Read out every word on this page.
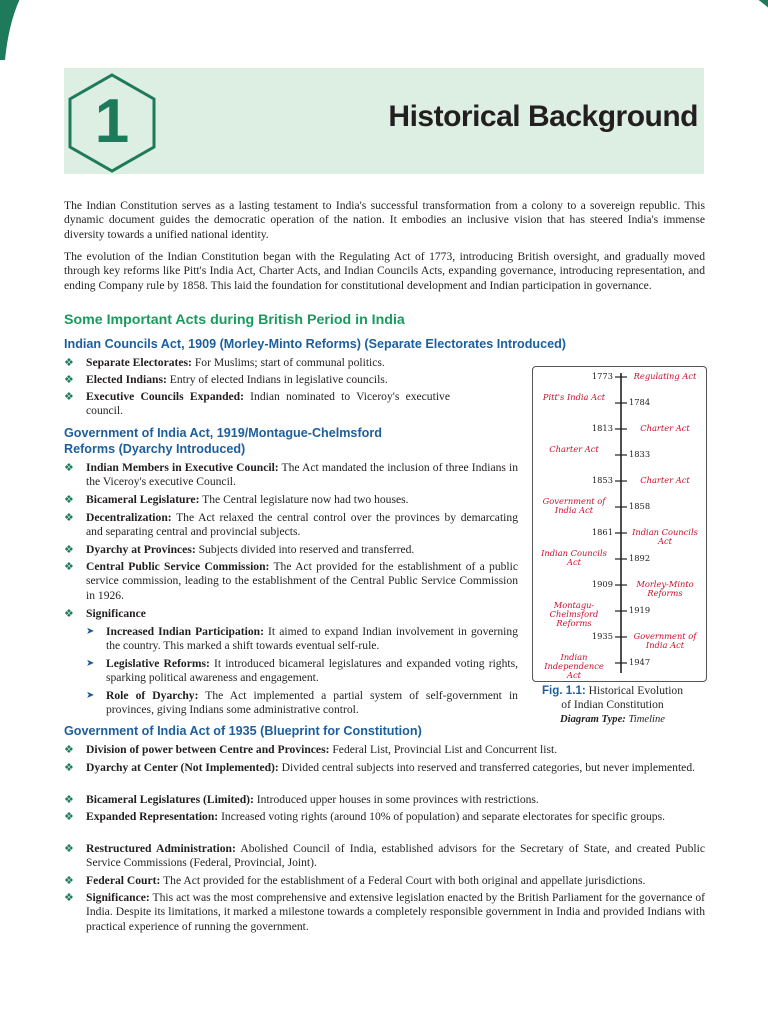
1	Historical Background

The Indian Constitution serves as a lasting testament to India's successful transformation from a colony to a sovereign republic. This dynamic document guides the democratic operation of the nation. It embodies an inclusive vision that has steered India's immense diversity towards a unified national identity.

The evolution of the Indian Constitution began with the Regulating Act of 1773, introducing British oversight, and gradually moved through key reforms like Pitt's India Act, Charter Acts, and Indian Councils Acts, expanding governance, introducing representation, and ending Company rule by 1858. This laid the foundation for constitutional development and Indian participation in governance.

Some Important Acts during British Period in India
Indian Councils Act, 1909 (Morley-Minto Reforms) (Separate Electorates Introduced)
❖ Separate Electorates: For Muslims; start of communal politics.
❖ Elected Indians: Entry of elected Indians in legislative councils.
❖ Executive Councils Expanded: Indian nominated to Viceroy's executive council.
Government of India Act, 1919/Montague-Chelmsford
Reforms (Dyarchy Introduced)
❖ Indian Members in Executive Council: The Act mandated the inclusion of three Indians in the Viceroy's executive Council.
❖ Bicameral Legislature: The Central legislature now had two houses.
❖ Decentralization: The Act relaxed the central control over the provinces by demarcating and separating central and provincial subjects.
❖ Dyarchy at Provinces: Subjects divided into reserved and transferred.
❖ Central Public Service Commission: The Act provided for the establishment of a public service commission, leading to the establishment of the Central Public Service Commission in 1926.
❖ Significance
➤ Increased Indian Participation: It aimed to expand Indian involvement in governing the country. This marked a shift towards eventual self-rule.
➤ Legislative Reforms: It introduced bicameral legislatures and expanded voting rights, sparking political awareness and engagement.
➤ Role of Dyarchy: The Act implemented a partial system of self-government in provinces, giving Indians some administrative control.
Government of India Act of 1935 (Blueprint for Constitution)
❖ Division of power between Centre and Provinces: Federal List, Provincial List and Concurrent list.
❖ Dyarchy at Center (Not Implemented): Divided central subjects into reserved and transferred categories, but never implemented.
❖ Bicameral Legislatures (Limited): Introduced upper houses in some provinces with restrictions.
❖ Expanded Representation: Increased voting rights (around 10% of population) and separate electorates for specific groups.
❖ Restructured Administration: Abolished Council of India, established advisors for the Secretary of State, and created Public Service Commissions (Federal, Provincial, Joint).
❖ Federal Court: The Act provided for the establishment of a Federal Court with both original and appellate jurisdictions.
❖ Significance: This act was the most comprehensive and extensive legislation enacted by the British Parliament for the governance of India. Despite its limitations, it marked a milestone towards a completely responsible government in India and provided Indians with practical experience of running the government.
1773	Regulating Act
1784
Pitt's India Act
1813	Charter Act
1833
Charter Act
1853	Charter Act
1858
Government of India Act
1861	Indian Councils Act
1892
Indian Councils Act
1909	Morley-Minto Reforms
1919
Montagu-Chelmsford Reforms
1935	Government of India Act
1947
Indian Independence Act
Fig. 1.1: Historical Evolution
of Indian Constitution
Diagram Type: Timeline
